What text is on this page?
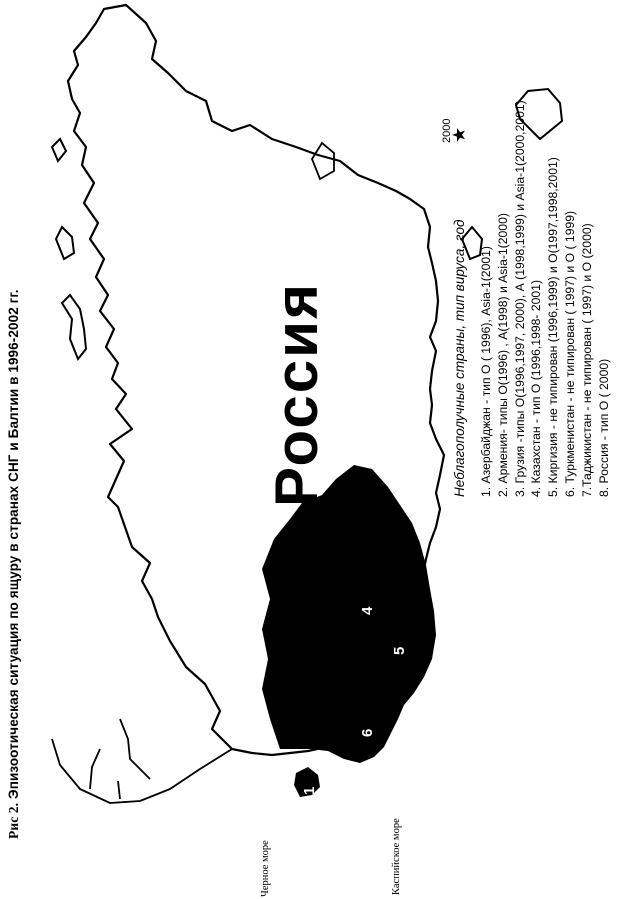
Рис 2. Эпизоотическая ситуация по ящуру в странах СНГ и Балтии в 1996-2002 гг.	4
5
7
6
1
2
3
★
2000
Россия	Неблагополучные страны, тип вируса, год 1. Азербайджан - тип О ( 1996), Asia-1(2001) 2. Армения- типы О(1996) , А(1998) и Asia-1(2000) 3. Грузия -типы О(1996,1997, 2000), А (1998,1999) и Asia-1(2000,2001) 4. Казахстан - тип О (1996,1998- 2001) 5. Киргизия - не типирован (1996,1999) и О(1997,1998,2001) 6. Туркменистан - не типирован ( 1997) и О ( 1999) 7.Таджикистан - не типирован ( 1997) и О (2000) 8. Россия - тип О ( 2000)
Черное море	Каспийское море
